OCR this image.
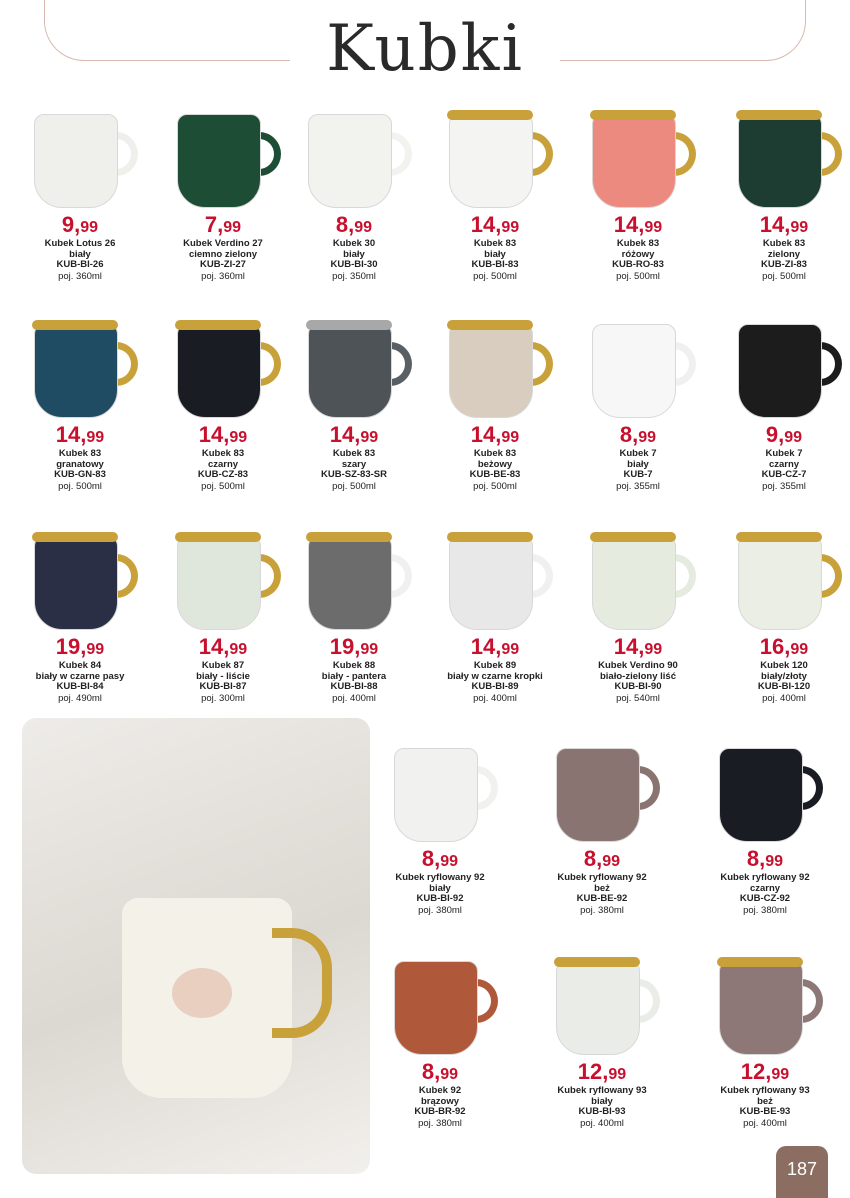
Kubki
9,99
Kubek Lotus 26
biały
KUB-BI-26
poj. 360ml
7,99
Kubek Verdino 27
ciemno zielony
KUB-ZI-27
poj. 360ml
8,99
Kubek 30
biały
KUB-BI-30
poj. 350ml
14,99
Kubek 83
biały
KUB-BI-83
poj. 500ml
14,99
Kubek 83
różowy
KUB-RO-83
poj. 500ml
14,99
Kubek 83
zielony
KUB-ZI-83
poj. 500ml
14,99
Kubek 83
granatowy
KUB-GN-83
poj. 500ml
14,99
Kubek 83
czarny
KUB-CZ-83
poj. 500ml
14,99
Kubek 83
szary
KUB-SZ-83-SR
poj. 500ml
14,99
Kubek 83
beżowy
KUB-BE-83
poj. 500ml
8,99
Kubek 7
biały
KUB-7
poj. 355ml
9,99
Kubek 7
czarny
KUB-CZ-7
poj. 355ml
19,99
Kubek 84
biały w czarne pasy
KUB-BI-84
poj. 490ml
14,99
Kubek 87
biały - liście
KUB-BI-87
poj. 300ml
19,99
Kubek 88
biały - pantera
KUB-BI-88
poj. 400ml
14,99
Kubek 89
biały w czarne kropki
KUB-BI-89
poj. 400ml
14,99
Kubek Verdino 90
biało-zielony liść
KUB-BI-90
poj. 540ml
16,99
Kubek 120
biały/złoty
KUB-BI-120
poj. 400ml
8,99
Kubek ryflowany 92
biały
KUB-BI-92
poj. 380ml
8,99
Kubek ryflowany 92
beż
KUB-BE-92
poj. 380ml
8,99
Kubek ryflowany 92
czarny
KUB-CZ-92
poj. 380ml
8,99
Kubek 92
brązowy
KUB-BR-92
poj. 380ml
12,99
Kubek ryflowany 93
biały
KUB-BI-93
poj. 400ml
12,99
Kubek ryflowany 93
beż
KUB-BE-93
poj. 400ml
187
